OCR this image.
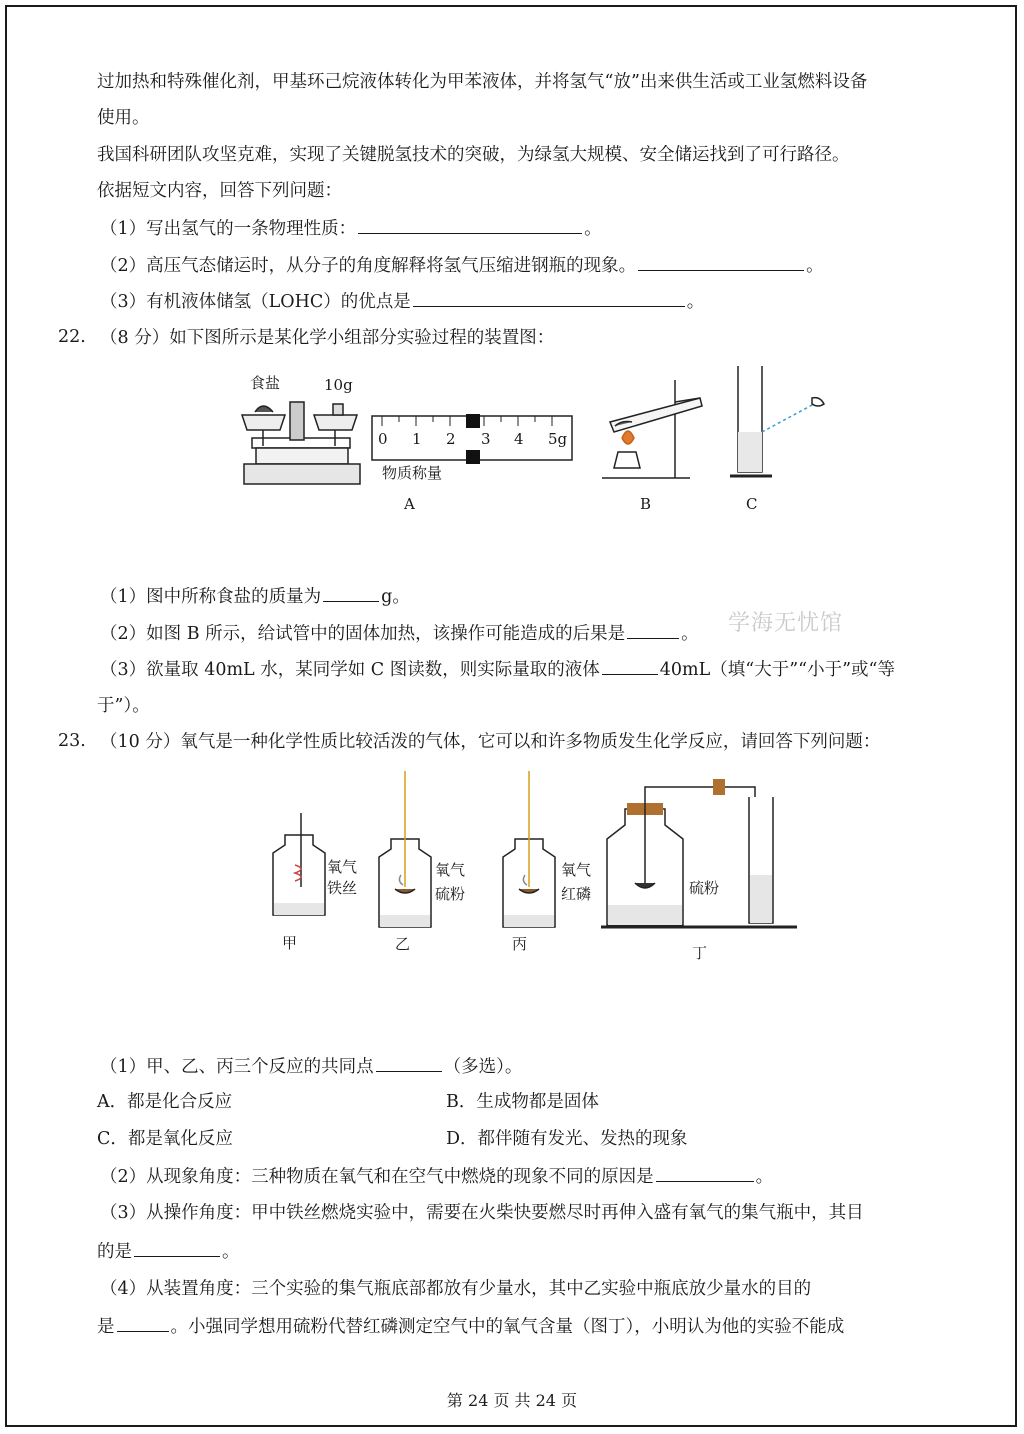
过加热和特殊催化剂，甲基环己烷液体转化为甲苯液体，并将氢气“放”出来供生活或工业氢燃料设备
使用。
我国科研团队攻坚克难，实现了关键脱氢技术的突破，为绿氢大规模、安全储运找到了可行路径。
依据短文内容，回答下列问题：
（1）写出氢气的一条物理性质：	。
（2）高压气态储运时，从分子的角度解释将氢气压缩进钢瓶的现象。	。
（3）有机液体储氢（LOHC）的优点是	。
22. （8 分）如下图所示是某化学小组部分实验过程的装置图：
食盐	10g
0 1 2 3 4 5g
物质称量
A	B	C
（1）图中所称食盐的质量为	g。
学海无忧馆
（2）如图 B 所示，给试管中的固体加热，该操作可能造成的后果是	。
（3）欲量取 40mL 水，某同学如 C 图读数，则实际量取的液体	40mL（填“大于”“小于”或“等
于”）。
23. （10 分）氧气是一种化学性质比较活泼的气体，它可以和许多物质发生化学反应，请回答下列问题：
氧气
铁丝
甲
氧气
硫粉
乙
氧气
红磷
丙
硫粉
丁
（1）甲、乙、丙三个反应的共同点	（多选）。
A．都是化合反应	B．生成物都是固体
C．都是氧化反应	D．都伴随有发光、发热的现象
（2）从现象角度：三种物质在氧气和在空气中燃烧的现象不同的原因是	。
（3）从操作角度：甲中铁丝燃烧实验中，需要在火柴快要燃尽时再伸入盛有氧气的集气瓶中，其目
的是	。
（4）从装置角度：三个实验的集气瓶底部都放有少量水，其中乙实验中瓶底放少量水的目的
是	。小强同学想用硫粉代替红磷测定空气中的氧气含量（图丁），小明认为他的实验不能成
第 24 页 共 24 页
